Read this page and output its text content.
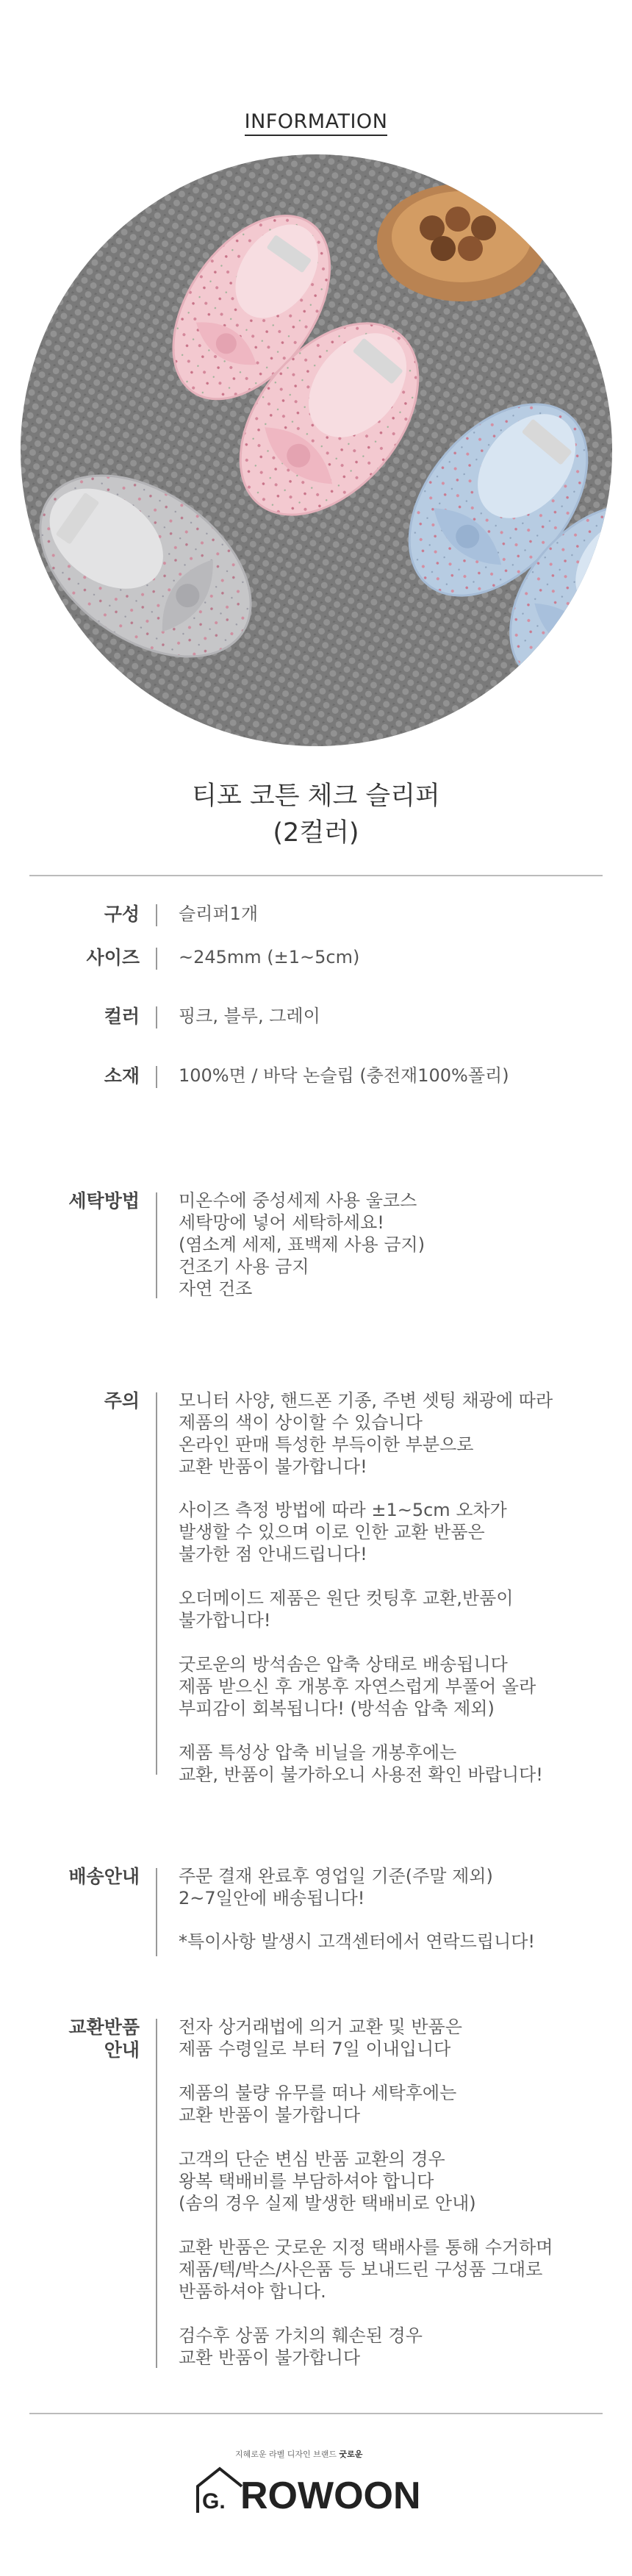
INFORMATION
티포 코튼 체크 슬리퍼
(2컬러)
구성 슬리퍼1개
사이즈 ~245mm (±1~5cm)
컬러 핑크, 블루, 그레이
소재 100%면 / 바닥 논슬립 (충전재100%폴리)
세탁방법 미온수에 중성세제 사용 울코스
세탁망에 넣어 세탁하세요!
(염소계 세제, 표백제 사용 금지)
건조기 사용 금지
자연 건조
주의 모니터 사양, 핸드폰 기종, 주변 셋팅 채광에 따라
제품의 색이 상이할 수 있습니다
온라인 판매 특성한 부득이한 부분으로
교환 반품이 불가합니다!
사이즈 측정 방법에 따라 ±1~5cm 오차가
발생할 수 있으며 이로 인한 교환 반품은
불가한 점 안내드립니다!
오더메이드 제품은 원단 컷팅후 교환,반품이
불가합니다!
굿로운의 방석솜은 압축 상태로 배송됩니다
제품 받으신 후 개봉후 자연스럽게 부풀어 올라
부피감이 회복됩니다! (방석솜 압축 제외)
제품 특성상 압축 비닐을 개봉후에는
교환, 반품이 불가하오니 사용전 확인 바랍니다!
배송안내 주문 결재 완료후 영업일 기준(주말 제외)
2~7일안에 배송됩니다!
*특이사항 발생시 고객센터에서 연락드립니다!
교환반품
안내
전자 상거래법에 의거 교환 및 반품은
제품 수령일로 부터 7일 이내입니다
제품의 불량 유무를 떠나 세탁후에는
교환 반품이 불가합니다
고객의 단순 변심 반품 교환의 경우
왕복 택배비를 부담하셔야 합니다
(솜의 경우 실제 발생한 택배비로 안내)
교환 반품은 굿로운 지정 택배사를 통해 수거하며
제품/텍/박스/사은품 등 보내드린 구성품 그대로
반품하셔야 합니다.
검수후 상품 가치의 훼손된 경우
교환 반품이 불가합니다
지혜로운 라벨 디자인 브랜드 굿로운
G. ROWOON
